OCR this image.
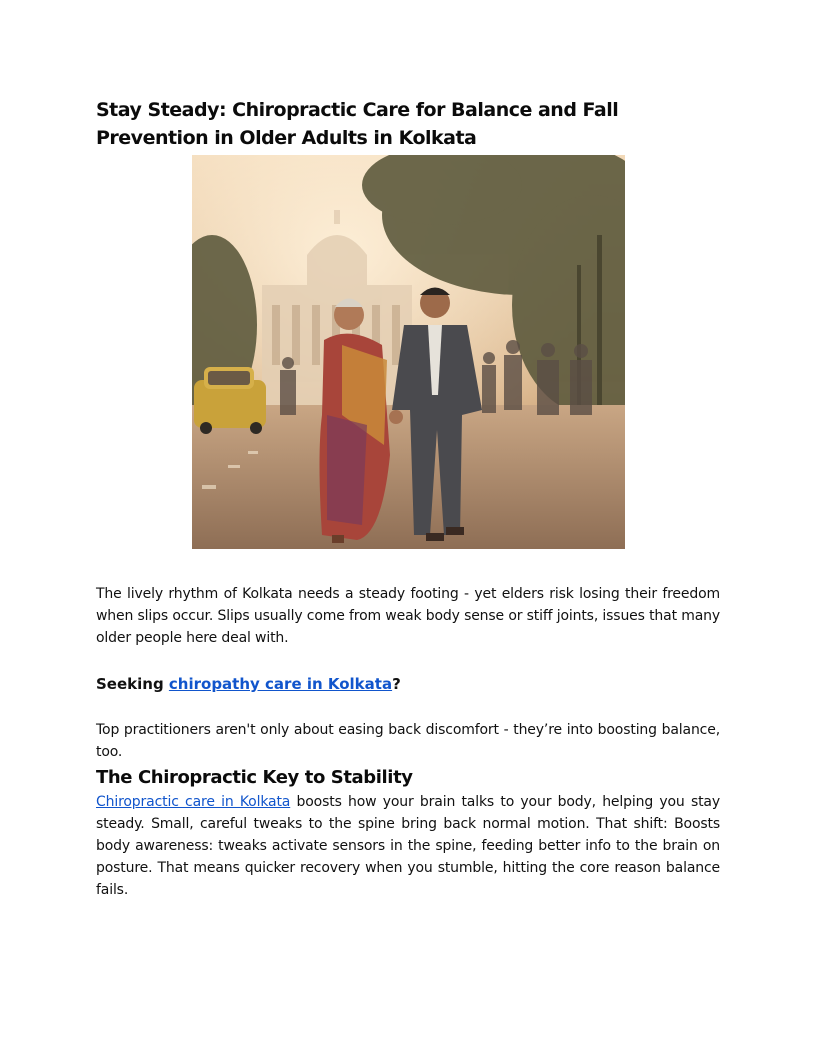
Stay Steady: Chiropractic Care for Balance and Fall Prevention in Older Adults in Kolkata

The lively rhythm of Kolkata needs a steady footing - yet elders risk losing their freedom when slips occur. Slips usually come from weak body sense or stiff joints, issues that many older people here deal with.

Seeking chiropathy care in Kolkata?

Top practitioners aren't only about easing back discomfort - they’re into boosting balance, too.

The Chiropractic Key to Stability

Chiropractic care in Kolkata boosts how your brain talks to your body, helping you stay steady. Small, careful tweaks to the spine bring back normal motion. That shift: Boosts body awareness: tweaks activate sensors in the spine, feeding better info to the brain on posture. That means quicker recovery when you stumble, hitting the core reason balance fails.
